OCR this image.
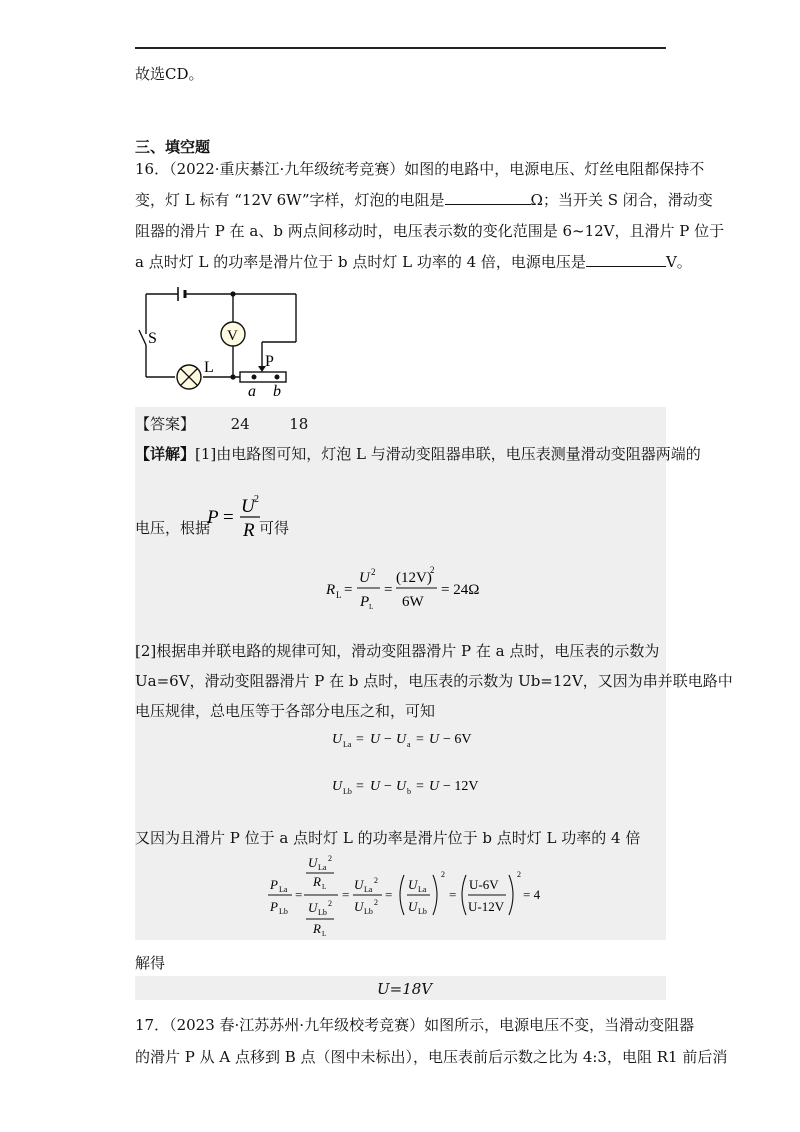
故选CD。
三、填空题
16．（2022·重庆綦江·九年级统考竞赛）如图的电路中，电源电压、灯丝电阻都保持不
变，灯 L 标有 “12V 6W”字样，灯泡的电阻是	Ω；当开关 S 闭合，滑动变
阻器的滑片 P 在 a、b 两点间移动时，电压表示数的变化范围是 6~12V，且滑片 P 位于
a 点时灯 L 的功率是滑片位于 b 点时灯 L 功率的 4 倍，电源电压是	V。
S	V
L	P
a b
【答案】 24	18
【详解】[1]由电路图可知，灯泡 L 与滑动变阻器串联，电压表测量滑动变阻器两端的
电压，根据
P =
U 2
R 可得
R L =
U 2
P L
=
(12V)
2
6W
= 24Ω
[2]根据串并联电路的规律可知，滑动变阻器滑片 P 在 a 点时，电压表的示数为
Ua=6V，滑动变阻器滑片 P 在 b 点时，电压表的示数为 Ub=12V，又因为串并联电路中
电压规律，总电压等于各部分电压之和，可知
U La = U − U a = U − 6V
U Lb = U − U b = U − 12V
又因为且滑片 P 位于 a 点时灯 L 的功率是滑片位于 b 点时灯 L 功率的 4 倍
P La
P Lb
=
U La
2
R L
U Lb
2
R L
=
U La
2
U Lb
2
=
U La
U Lb
2
=
U-6V
U-12V
2
= 4
解得
U=18V
17．（2023 春·江苏苏州·九年级校考竞赛）如图所示，电源电压不变，当滑动变阻器
的滑片 P 从 A 点移到 B 点（图中未标出），电压表前后示数之比为 4:3，电阻 R1 前后消
